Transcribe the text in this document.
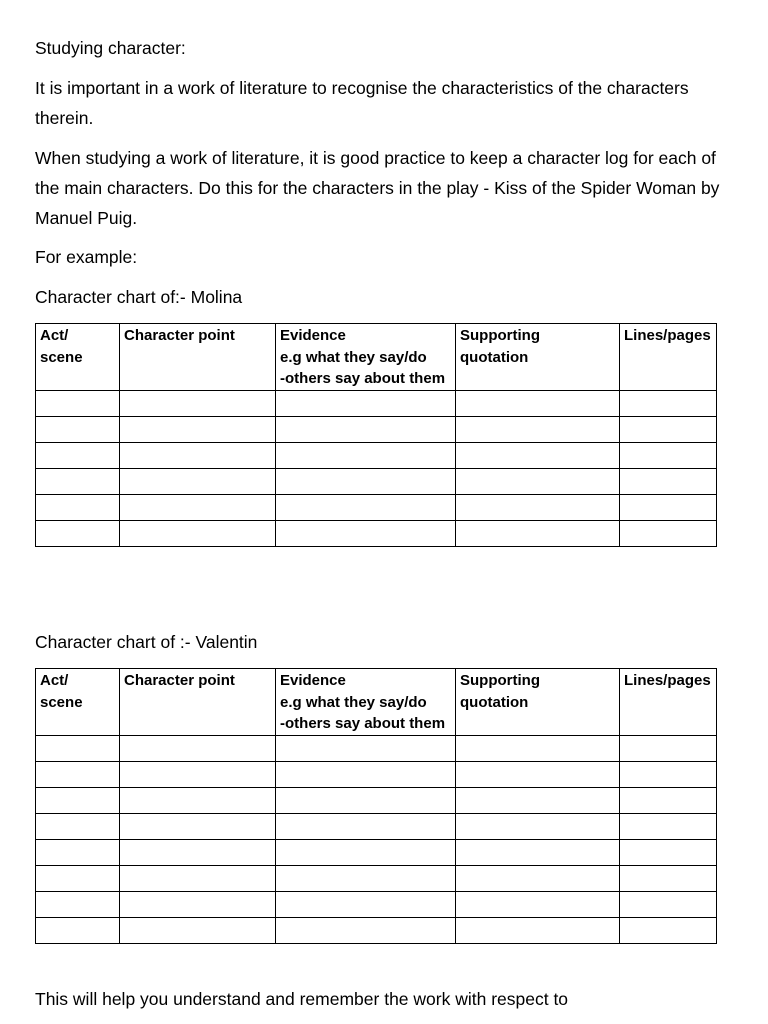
Studying character:

It is important in a work of literature to recognise the characteristics of the characters therein.

When studying a work of literature, it is good practice to keep a character log for each of the main characters. Do this for the characters in the play - Kiss of the Spider Woman by Manuel Puig.

For example:

Character chart of:- Molina

Act/
scene	Character point	Evidence
e.g what they say/do
-others say about them	Supporting
quotation	Lines/pages

Character chart of :- Valentin

Act/
scene	Character point	Evidence
e.g what they say/do
-others say about them	Supporting
quotation	Lines/pages

This will help you understand and remember the work with respect to
